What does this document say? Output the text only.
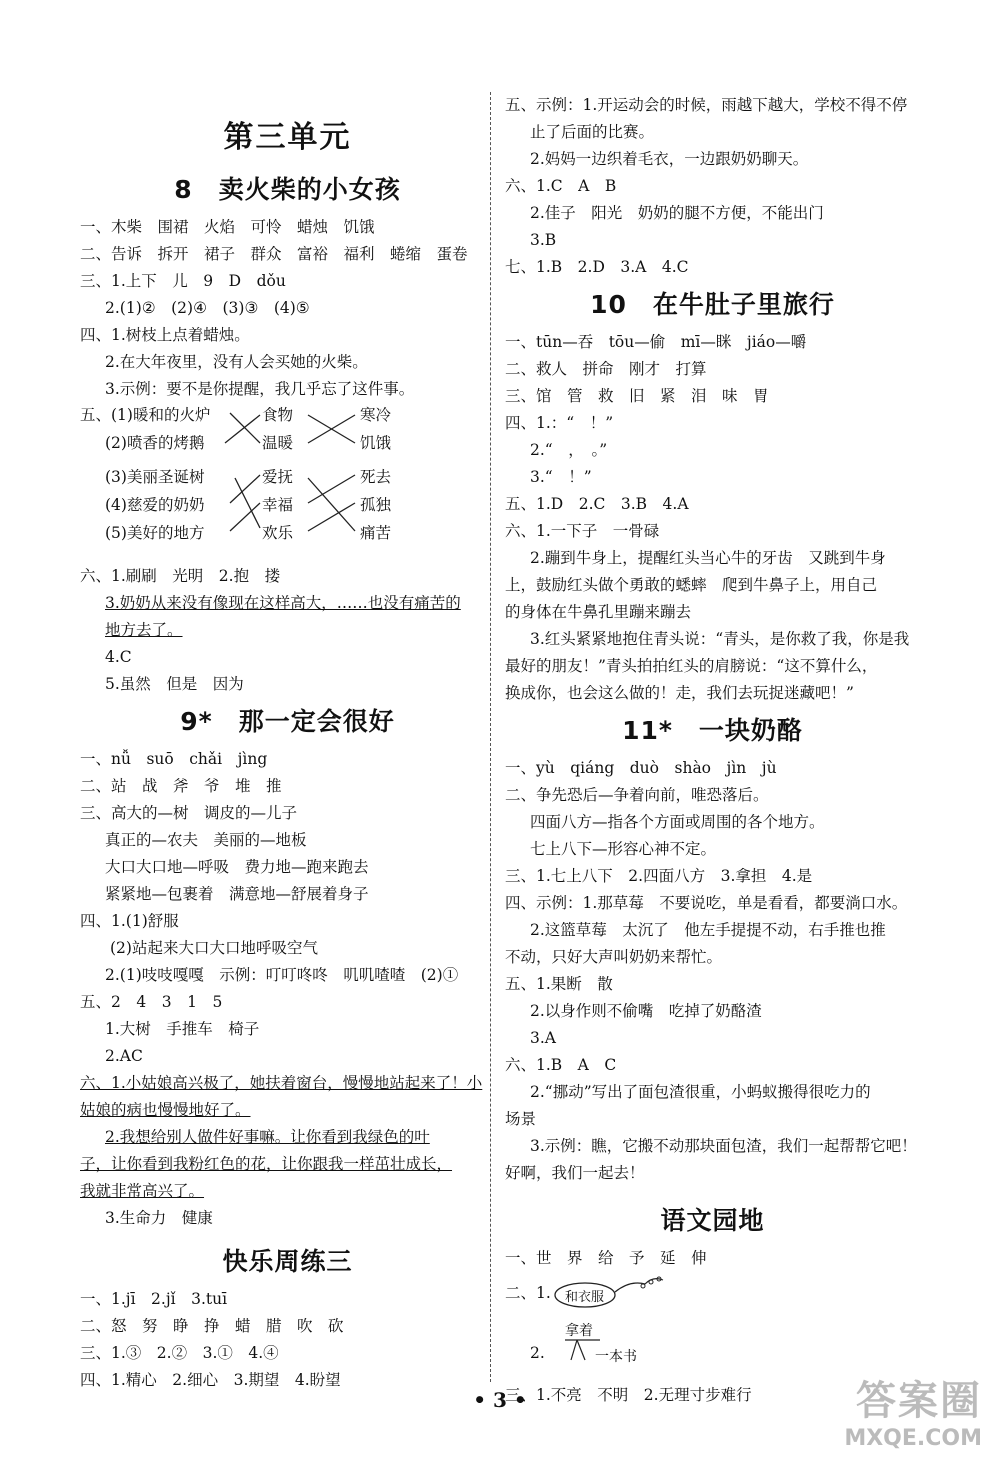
第三单元
8　卖火柴的小女孩
一、木柴　围裙　火焰　可怜　蜡烛　饥饿
二、告诉　拆开　裙子　群众　富裕　福利　蜷缩　蛋卷
三、1.上下　儿　9　D　dǒu
2.(1)②　(2)④　(3)③　(4)⑤
四、1.树枝上点着蜡烛。
2.在大年夜里，没有人会买她的火柴。
3.示例：要不是你提醒，我几乎忘了这件事。
五、(1)暖和的火炉
(2)喷香的烤鹅
(3)美丽圣诞树
(4)慈爱的奶奶
(5)美好的地方
食物
温暖
爱抚
幸福
欢乐
寒冷
饥饿
死去
孤独
痛苦
六、1.刷刷　光明　2.抱　搂
3.奶奶从来没有像现在这样高大，……也没有痛苦的
地方去了。
4.C
5.虽然　但是　因为
9*　那一定会很好
一、nǚ　suō　chǎi　jìng
二、站　战　斧　爷　堆　推
三、高大的—树　调皮的—儿子
真正的—农夫　美丽的—地板
大口大口地—呼吸　费力地—跑来跑去
紧紧地—包裹着　满意地—舒展着身子
四、1.(1)舒服
(2)站起来大口大口地呼吸空气
2.(1)吱吱嘎嘎　示例：叮叮咚咚　叽叽喳喳　(2)①
五、2　4　3　1　5
1.大树　手推车　椅子
2.AC
六、1.小姑娘高兴极了，她扶着窗台，慢慢地站起来了！小
姑娘的病也慢慢地好了。
2.我想给别人做件好事嘛。让你看到我绿色的叶
子，让你看到我粉红色的花，让你跟我一样茁壮成长，
我就非常高兴了。
3.生命力　健康
快乐周练三
一、1.jī　2.jǐ　3.tuī
二、怒　努　睁　挣　蜡　腊　吹　砍
三、1.③　2.②　3.①　4.④
四、1.精心　2.细心　3.期望　4.盼望
五、示例：1.开运动会的时候，雨越下越大，学校不得不停
止了后面的比赛。
2.妈妈一边织着毛衣，一边跟奶奶聊天。
六、1.C　A　B
2.佳子　阳光　奶奶的腿不方便，不能出门
3.B
七、1.B　2.D　3.A　4.C
10　在牛肚子里旅行
一、tūn—吞　tōu—偷　mī—眯　jiáo—嚼
二、救人　拼命　刚才　打算
三、馆　管　救　旧　紧　泪　味　胃
四、1.：“　！”
2.“　，　。”
3.“　！”
五、1.D　2.C　3.B　4.A
六、1.一下子　一骨碌
2.蹦到牛身上，提醒红头当心牛的牙齿　又跳到牛身
上，鼓励红头做个勇敢的蟋蟀　爬到牛鼻子上，用自己
的身体在牛鼻孔里蹦来蹦去
3.红头紧紧地抱住青头说：“青头，是你救了我，你是我
最好的朋友！”青头拍拍红头的肩膀说：“这不算什么，
换成你，也会这么做的！走，我们去玩捉迷藏吧！”
11*　一块奶酪
一、yù　qiáng　duò　shào　jìn　jù
二、争先恐后—争着向前，唯恐落后。
四面八方—指各个方面或周围的各个地方。
七上八下—形容心神不定。
三、1.七上八下　2.四面八方　3.拿担　4.是
四、示例：1.那草莓　不要说吃，单是看看，都要淌口水。
2.这篮草莓　太沉了　他左手提提不动，右手推也推
不动，只好大声叫奶奶来帮忙。
五、1.果断　散
2.以身作则不偷嘴　吃掉了奶酪渣
3.A
六、1.B　A　C
2.“挪动”写出了面包渣很重，小蚂蚁搬得很吃力的
场景
3.示例：瞧，它搬不动那块面包渣，我们一起帮帮它吧！
好啊，我们一起去！
语文园地
一、世　界　给　予　延　伸
二、1. 和衣服
2.
拿着
一本书
三、1.不亮　不明　2.无理寸步难行
• 3 •	答案圈
MXQE.COM
